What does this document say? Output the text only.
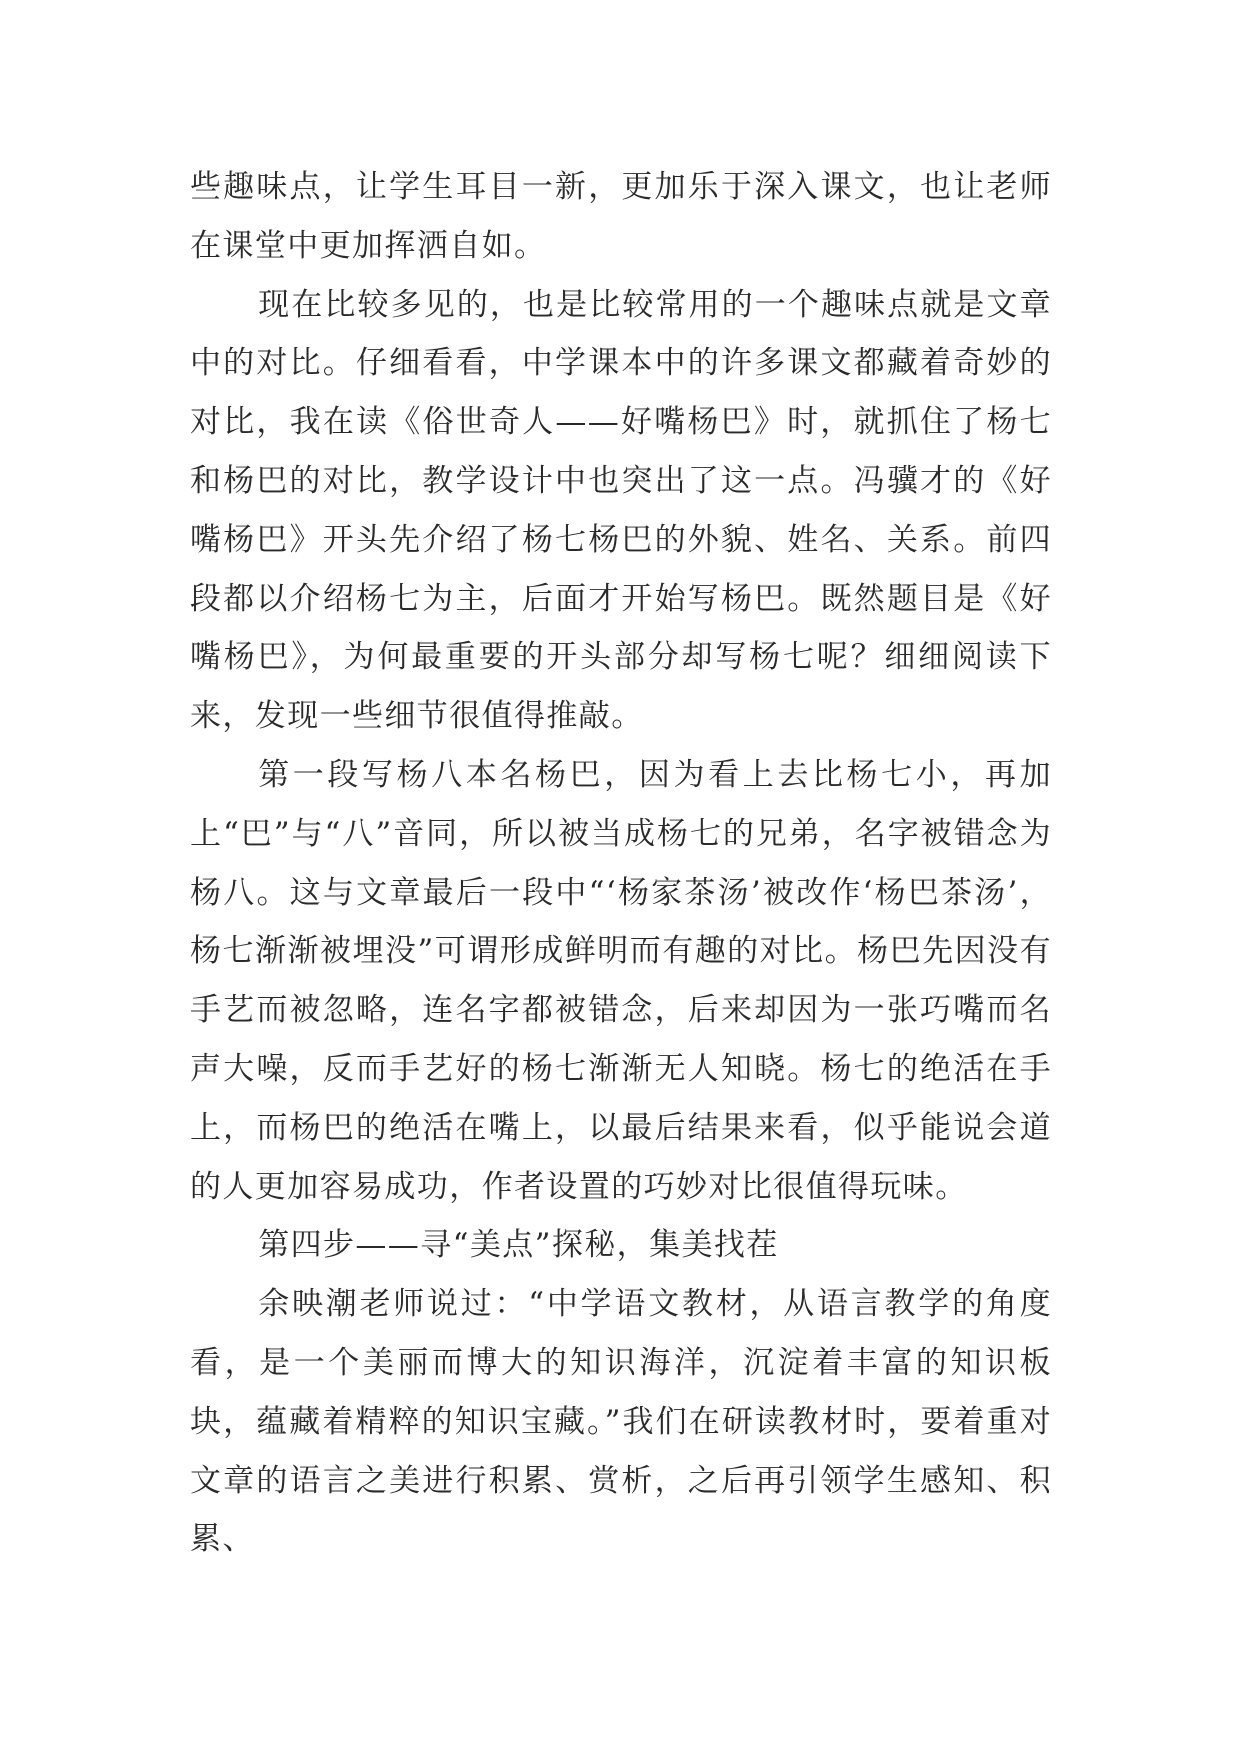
些趣味点，让学生耳目一新，更加乐于深入课文，也让老师在课堂中更加挥洒自如。

现在比较多见的，也是比较常用的一个趣味点就是文章中的对比。仔细看看，中学课本中的许多课文都藏着奇妙的对比，我在读《俗世奇人——好嘴杨巴》时，就抓住了杨七和杨巴的对比，教学设计中也突出了这一点。冯骥才的《好嘴杨巴》开头先介绍了杨七杨巴的外貌、姓名、关系。前四段都以介绍杨七为主，后面才开始写杨巴。既然题目是《好嘴杨巴》，为何最重要的开头部分却写杨七呢？细细阅读下来，发现一些细节很值得推敲。

第一段写杨八本名杨巴，因为看上去比杨七小，再加上“巴”与“八”音同，所以被当成杨七的兄弟，名字被错念为杨八。这与文章最后一段中“‘杨家茶汤’被改作‘杨巴茶汤’，杨七渐渐被埋没”可谓形成鲜明而有趣的对比。杨巴先因没有手艺而被忽略，连名字都被错念，后来却因为一张巧嘴而名声大噪，反而手艺好的杨七渐渐无人知晓。杨七的绝活在手上，而杨巴的绝活在嘴上，以最后结果来看，似乎能说会道的人更加容易成功，作者设置的巧妙对比很值得玩味。

第四步——寻“美点”探秘，集美找茬

余映潮老师说过：“中学语文教材，从语言教学的角度看，是一个美丽而博大的知识海洋，沉淀着丰富的知识板块，蕴藏着精粹的知识宝藏。”我们在研读教材时，要着重对文章的语言之美进行积累、赏析，之后再引领学生感知、积累、
